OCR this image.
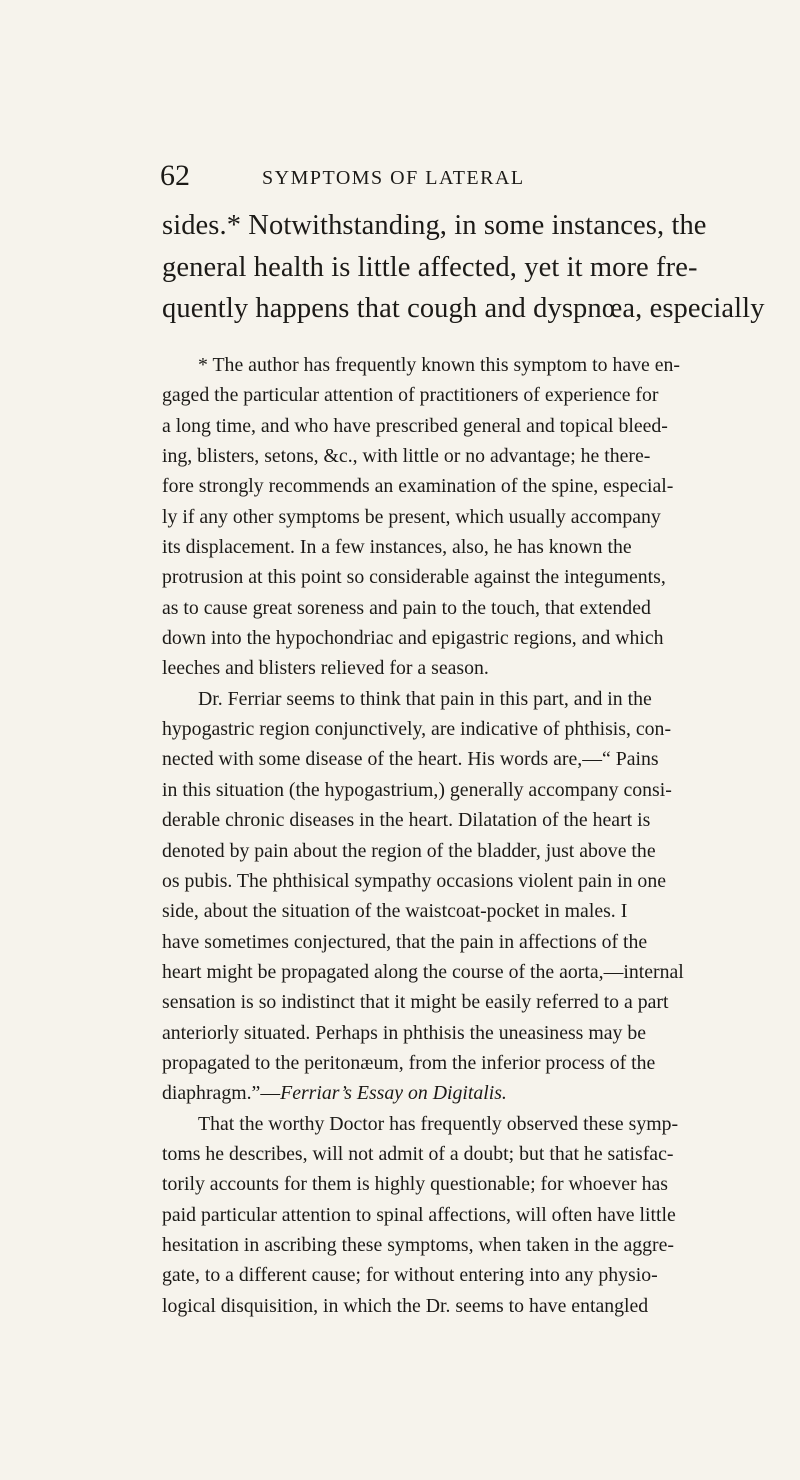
62	SYMPTOMS OF LATERAL
sides.* Notwithstanding, in some instances, the
general health is little affected, yet it more fre-
quently happens that cough and dyspnœa, especially
* The author has frequently known this symptom to have en-
gaged the particular attention of practitioners of experience for
a long time, and who have prescribed general and topical bleed-
ing, blisters, setons, &c., with little or no advantage; he there-
fore strongly recommends an examination of the spine, especial-
ly if any other symptoms be present, which usually accompany
its displacement. In a few instances, also, he has known the
protrusion at this point so considerable against the integuments,
as to cause great soreness and pain to the touch, that extended
down into the hypochondriac and epigastric regions, and which
leeches and blisters relieved for a season.
Dr. Ferriar seems to think that pain in this part, and in the
hypogastric region conjunctively, are indicative of phthisis, con-
nected with some disease of the heart. His words are,—“ Pains
in this situation (the hypogastrium,) generally accompany consi-
derable chronic diseases in the heart. Dilatation of the heart is
denoted by pain about the region of the bladder, just above the
os pubis. The phthisical sympathy occasions violent pain in one
side, about the situation of the waistcoat-pocket in males. I
have sometimes conjectured, that the pain in affections of the
heart might be propagated along the course of the aorta,—internal
sensation is so indistinct that it might be easily referred to a part
anteriorly situated. Perhaps in phthisis the uneasiness may be
propagated to the peritonæum, from the inferior process of the
diaphragm.”—Ferriar’s Essay on Digitalis.
That the worthy Doctor has frequently observed these symp-
toms he describes, will not admit of a doubt; but that he satisfac-
torily accounts for them is highly questionable; for whoever has
paid particular attention to spinal affections, will often have little
hesitation in ascribing these symptoms, when taken in the aggre-
gate, to a different cause; for without entering into any physio-
logical disquisition, in which the Dr. seems to have entangled
